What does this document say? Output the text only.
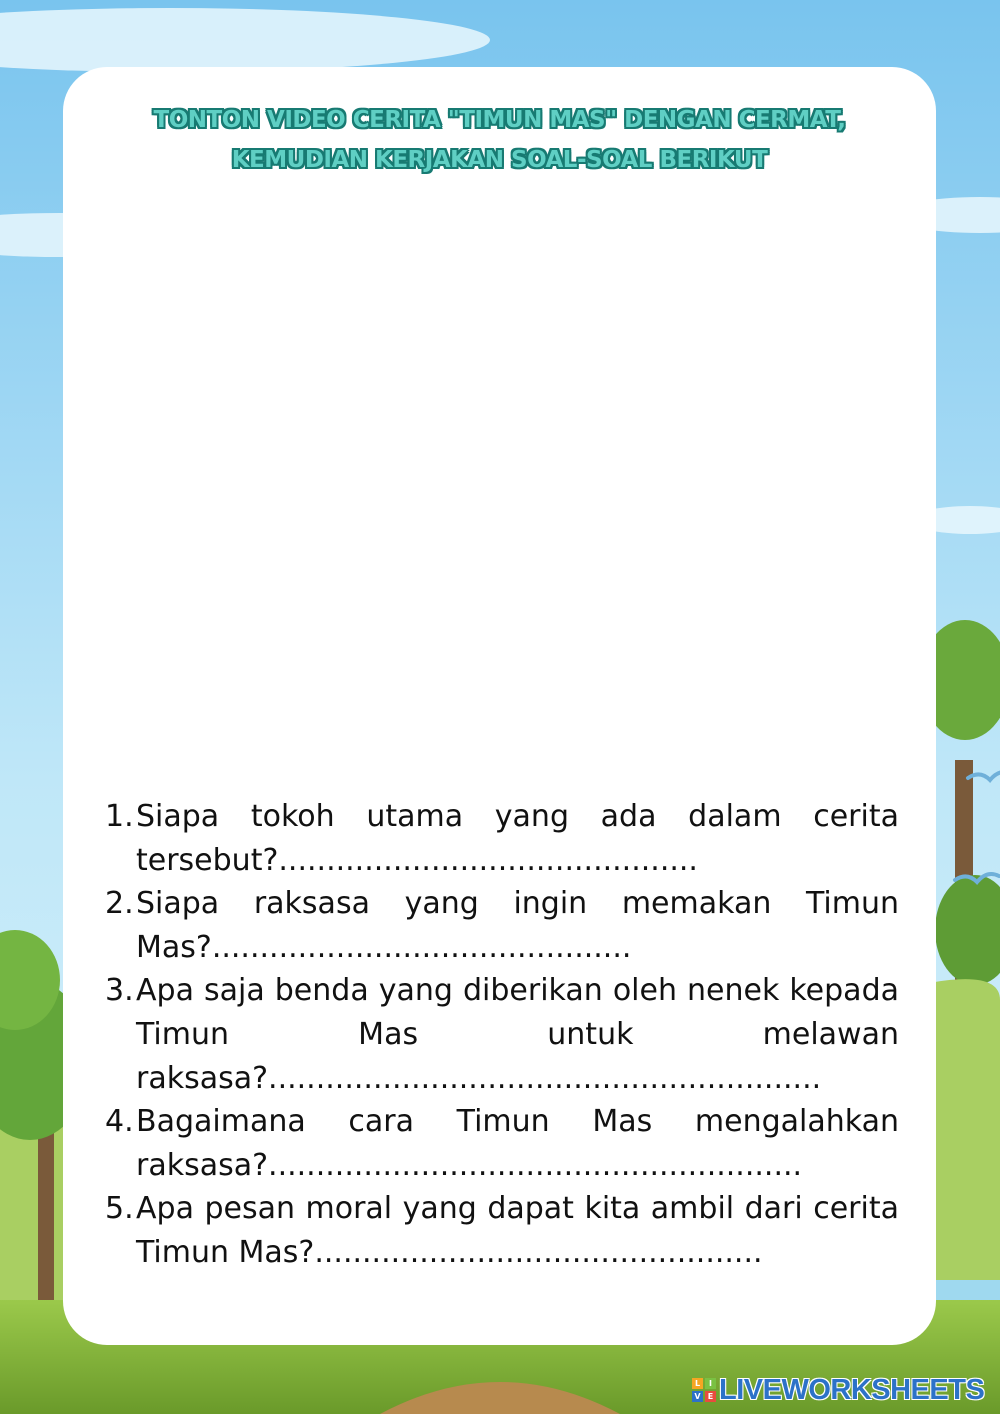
TONTON VIDEO CERITA "TIMUN MAS" DENGAN CERMAT,
KEMUDIAN KERJAKAN SOAL-SOAL BERIKUT
1. Siapa tokoh utama yang ada dalam cerita tersebut?............................................
2. Siapa raksasa yang ingin memakan Timun Mas?............................................
3. Apa saja benda yang diberikan oleh nenek kepada Timun Mas untuk melawan raksasa?..........................................................
4. Bagaimana cara Timun Mas mengalahkan raksasa?........................................................
5. Apa pesan moral yang dapat kita ambil dari cerita Timun Mas?...............................................
L	I
V E LIVEWORKSHEETS
